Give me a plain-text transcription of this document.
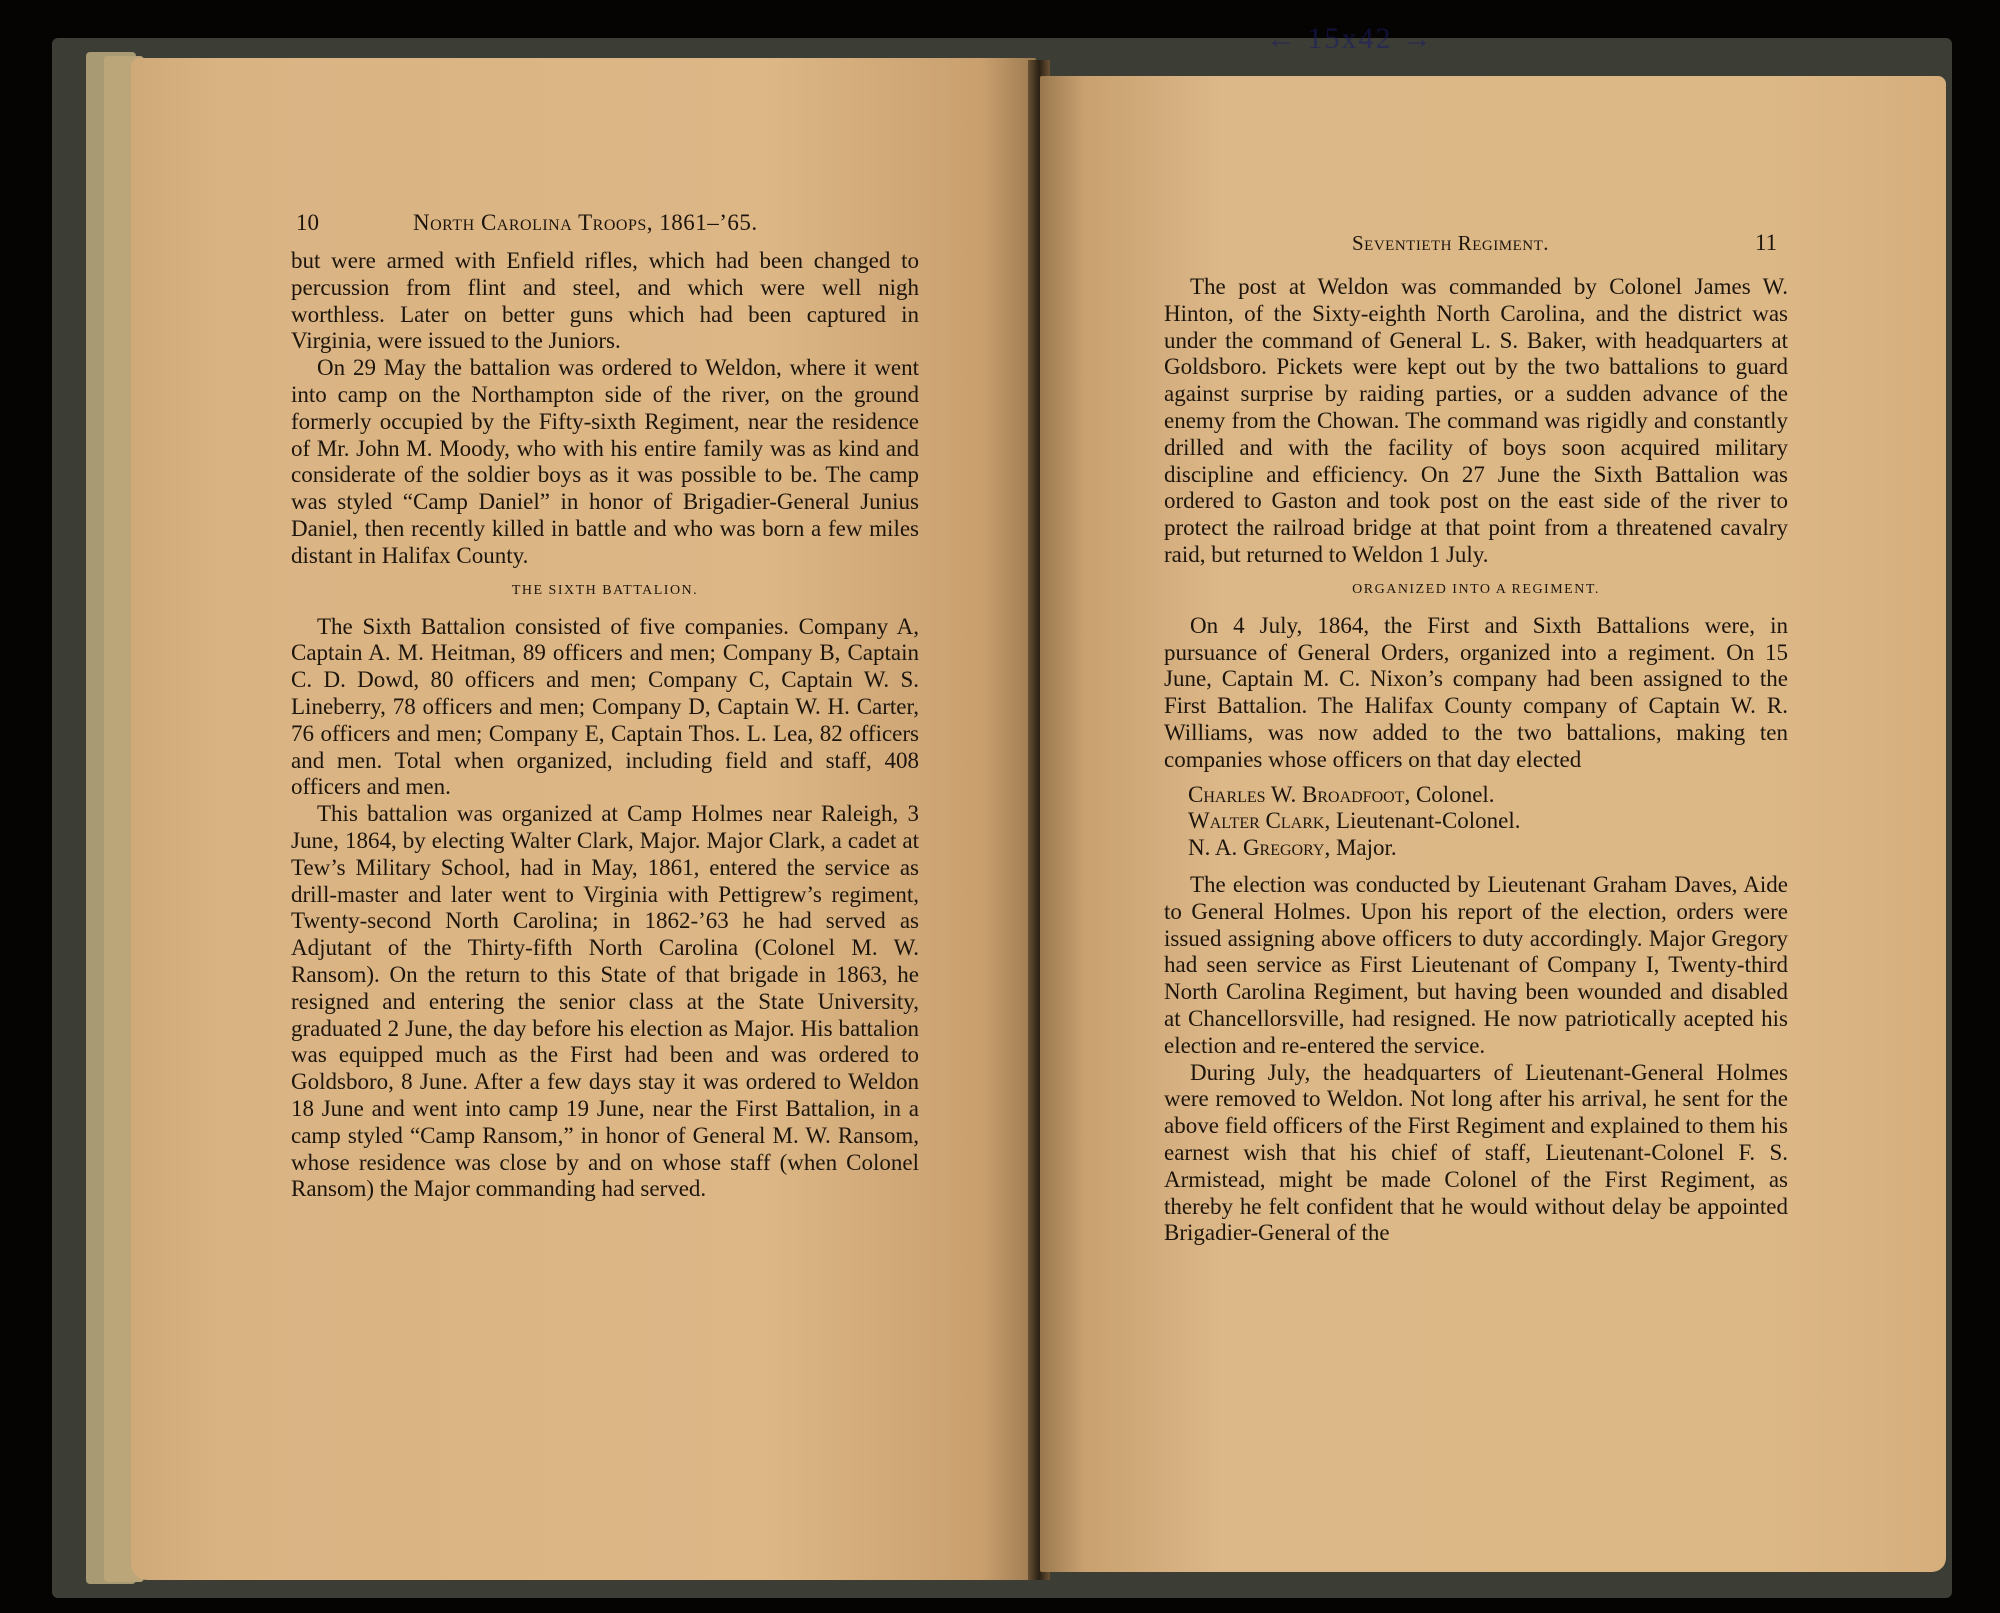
← 15x42 →
10	North Carolina Troops, 1861–’65.

but were armed with Enfield rifles, which had been changed to percussion from flint and steel, and which were well nigh worthless. Later on better guns which had been captured in Virginia, were issued to the Juniors.

On 29 May the battalion was ordered to Weldon, where it went into camp on the Northampton side of the river, on the ground formerly occupied by the Fifty-sixth Regiment, near the residence of Mr. John M. Moody, who with his entire family was as kind and considerate of the soldier boys as it was possible to be. The camp was styled “Camp Daniel” in honor of Brigadier-General Junius Daniel, then recently killed in battle and who was born a few miles distant in Halifax County.

THE SIXTH BATTALION.

The Sixth Battalion consisted of five companies. Company A, Captain A. M. Heitman, 89 officers and men; Company B, Captain C. D. Dowd, 80 officers and men; Company C, Captain W. S. Lineberry, 78 officers and men; Company D, Captain W. H. Carter, 76 officers and men; Company E, Captain Thos. L. Lea, 82 officers and men. Total when organized, including field and staff, 408 officers and men.

This battalion was organized at Camp Holmes near Raleigh, 3 June, 1864, by electing Walter Clark, Major. Major Clark, a cadet at Tew’s Military School, had in May, 1861, entered the service as drill-master and later went to Virginia with Pettigrew’s regiment, Twenty-second North Carolina; in 1862-’63 he had served as Adjutant of the Thirty-fifth North Carolina (Colonel M. W. Ransom). On the return to this State of that brigade in 1863, he resigned and entering the senior class at the State University, graduated 2 June, the day before his election as Major. His battalion was equipped much as the First had been and was ordered to Goldsboro, 8 June. After a few days stay it was ordered to Weldon 18 June and went into camp 19 June, near the First Battalion, in a camp styled “Camp Ransom,” in honor of General M. W. Ransom, whose residence was close by and on whose staff (when Colonel Ransom) the Major commanding had served.

Seventieth Regiment.	11

The post at Weldon was commanded by Colonel James W. Hinton, of the Sixty-eighth North Carolina, and the district was under the command of General L. S. Baker, with headquarters at Goldsboro. Pickets were kept out by the two battalions to guard against surprise by raiding parties, or a sudden advance of the enemy from the Chowan. The command was rigidly and constantly drilled and with the facility of boys soon acquired military discipline and efficiency. On 27 June the Sixth Battalion was ordered to Gaston and took post on the east side of the river to protect the railroad bridge at that point from a threatened cavalry raid, but returned to Weldon 1 July.

ORGANIZED INTO A REGIMENT.

On 4 July, 1864, the First and Sixth Battalions were, in pursuance of General Orders, organized into a regiment. On 15 June, Captain M. C. Nixon’s company had been assigned to the First Battalion. The Halifax County company of Captain W. R. Williams, was now added to the two battalions, making ten companies whose officers on that day elected

Charles W. Broadfoot, Colonel.
Walter Clark, Lieutenant-Colonel.
N. A. Gregory, Major.

The election was conducted by Lieutenant Graham Daves, Aide to General Holmes. Upon his report of the election, orders were issued assigning above officers to duty accordingly. Major Gregory had seen service as First Lieutenant of Company I, Twenty-third North Carolina Regiment, but having been wounded and disabled at Chancellorsville, had resigned. He now patriotically acepted his election and re-entered the service.

During July, the headquarters of Lieutenant-General Holmes were removed to Weldon. Not long after his arrival, he sent for the above field officers of the First Regiment and explained to them his earnest wish that his chief of staff, Lieutenant-Colonel F. S. Armistead, might be made Colonel of the First Regiment, as thereby he felt confident that he would without delay be appointed Brigadier-General of the
